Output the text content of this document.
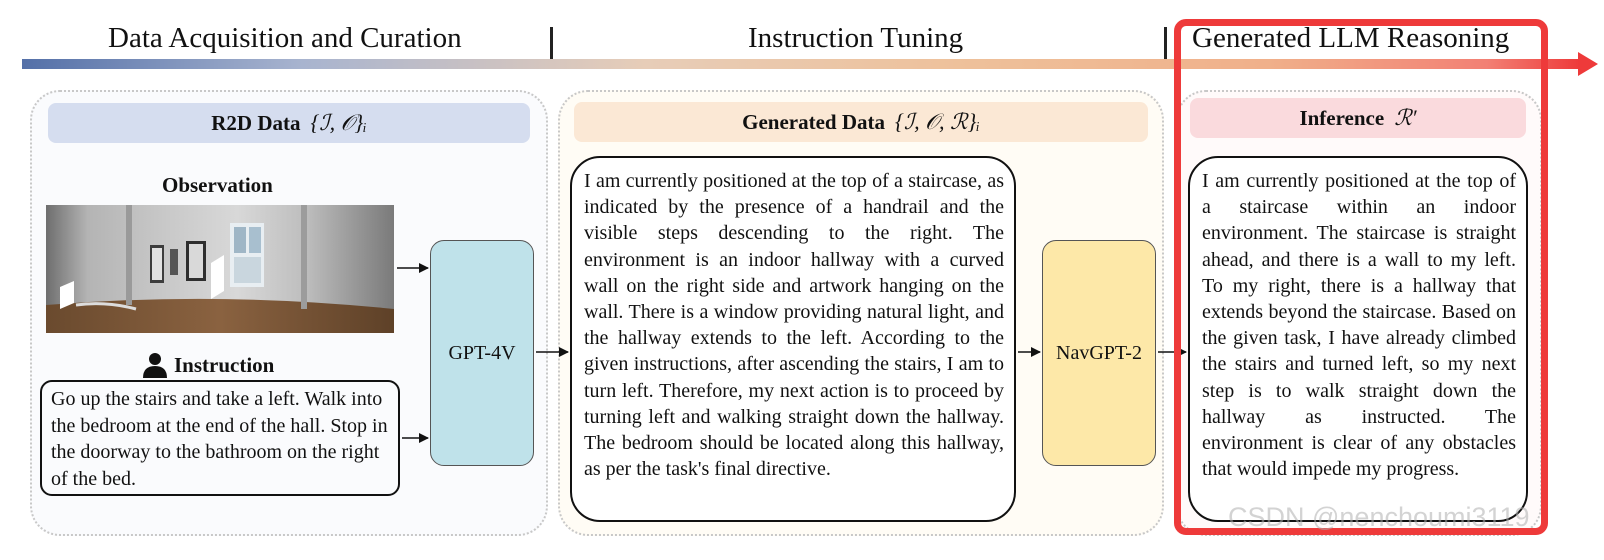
Data Acquisition and Curation	Instruction Tuning	Generated LLM Reasoning
R2D Data {ℐ, 𝒪}ᵢ
Observation
Instruction
Go up the stairs and take a left. Walk into the bedroom at the end of the hall. Stop in the doorway to the bathroom on the right of the bed.
GPT-4V
Generated Data {ℐ, 𝒪, ℛ}ᵢ
I am currently positioned at the top of a staircase, as indicated by the presence of a handrail and the visible steps descending to the right. The environment is an indoor hallway with a curved wall on the right side and artwork hanging on the wall. There is a window providing natural light, and the hallway extends to the left. According to the given instructions, after ascending the stairs, I am to turn left. Therefore, my next action is to proceed by turning left and walking straight down the hallway. The bedroom should be located along this hallway, as per the task's final directive.
NavGPT-2
Inference ℛ′
I am currently positioned at the top of a staircase within an indoor environment. The staircase is straight ahead, and there is a wall to my left. To my right, there is a hallway that extends beyond the staircase. Based on the given task, I have already climbed the stairs and turned left, so my next step is to walk straight down the hallway as instructed. The environment is clear of any obstacles that would impede my progress.
CSDN @nenchoumi3119
